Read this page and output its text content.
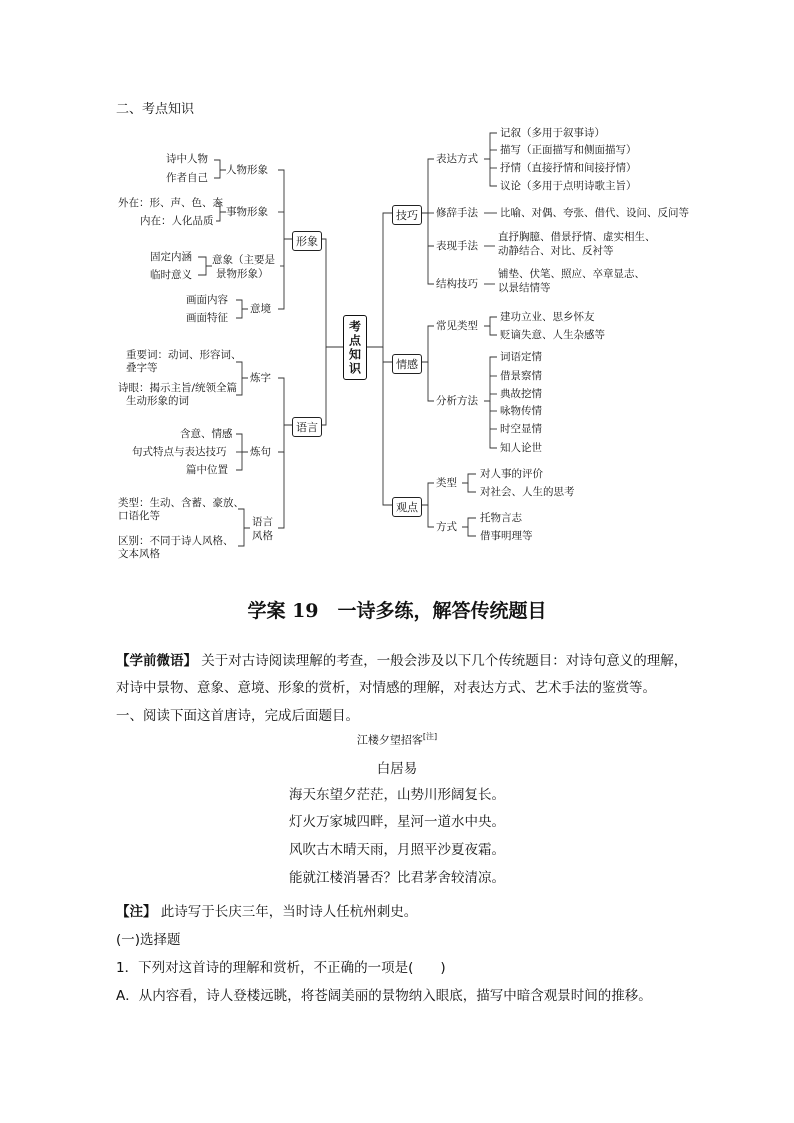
二、考点知识
考点知识
形象
人物形象
诗中人物
作者自己
事物形象
外在：形、声、色、态
内在：人化品质
意象（主要是
景物形象）
固定内涵
临时意义
意境
画面内容
画面特征
语言
炼字
重要词：动词、形容词、
叠字等
诗眼：揭示主旨/统领全篇
生动形象的词
炼句
含意、情感
句式特点与表达技巧
篇中位置
语言
风格
类型：生动、含蓄、豪放、
口语化等
区别：不同于诗人风格、
文本风格
技巧
表达方式
记叙（多用于叙事诗）
描写（正面描写和侧面描写）
抒情（直接抒情和间接抒情）
议论（多用于点明诗歌主旨）
修辞手法 比喻、对偶、夸张、借代、设问、反问等
表现手法
直抒胸臆、借景抒情、虚实相生、
动静结合、对比、反衬等
结构技巧
铺垫、伏笔、照应、卒章显志、
以景结情等
情感
常见类型
建功立业、思乡怀友
贬谪失意、人生杂感等
分析方法
词语定情
借景察情
典故挖情
咏物传情
时空显情
知人论世
观点
类型
对人事的评价
对社会、人生的思考
方式
托物言志
借事明理等
学案 19　一诗多练，解答传统题目
【学前微语】 关于对古诗阅读理解的考查，一般会涉及以下几个传统题目：对诗句意义的理解，
对诗中景物、意象、意境、形象的赏析，对情感的理解，对表达方式、艺术手法的鉴赏等。
一、阅读下面这首唐诗，完成后面题目。
江楼夕望招客[注]
白居易
海天东望夕茫茫，山势川形阔复长。
灯火万家城四畔，星河一道水中央。
风吹古木晴天雨，月照平沙夏夜霜。
能就江楼消暑否？比君茅舍较清凉。
【注】 此诗写于长庆三年，当时诗人任杭州刺史。
(一)选择题
1．下列对这首诗的理解和赏析，不正确的一项是(　　)
A．从内容看，诗人登楼远眺，将苍阔美丽的景物纳入眼底，描写中暗含观景时间的推移。
